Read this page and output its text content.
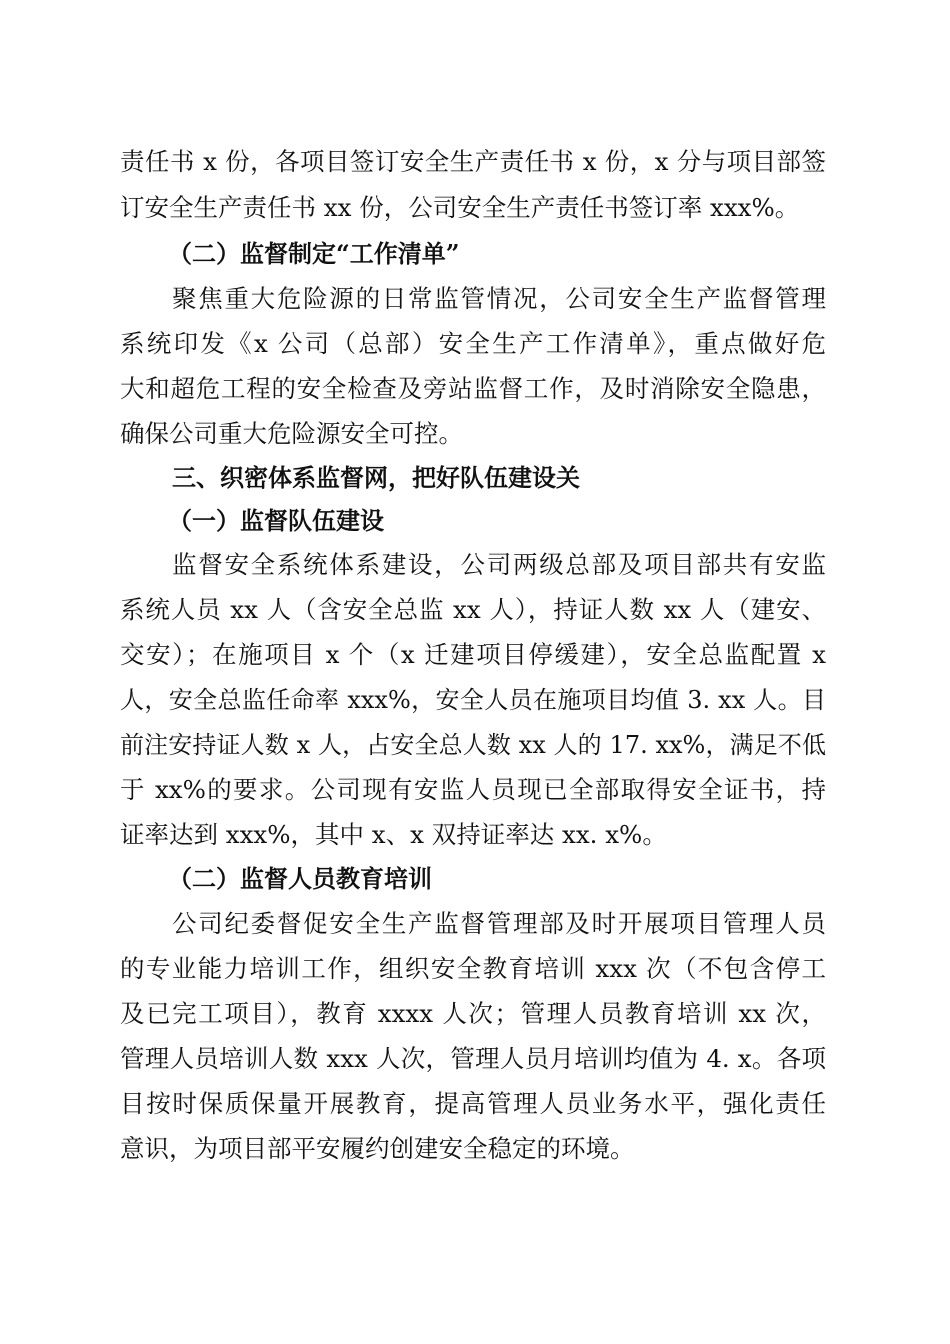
责任书 x 份，各项目签订安全生产责任书 x 份，x 分与项目部签
订安全生产责任书 xx 份，公司安全生产责任书签订率 xxx%。
（二）监督制定“工作清单”
聚焦重大危险源的日常监管情况，公司安全生产监督管理
系统印发《x 公司（总部）安全生产工作清单》，重点做好危
大和超危工程的安全检查及旁站监督工作，及时消除安全隐患，
确保公司重大危险源安全可控。
三、织密体系监督网，把好队伍建设关
（一）监督队伍建设
监督安全系统体系建设，公司两级总部及项目部共有安监
系统人员 xx 人（含安全总监 xx 人），持证人数 xx 人（建安、
交安）；在施项目 x 个（x 迁建项目停缓建），安全总监配置 x
人，安全总监任命率 xxx%，安全人员在施项目均值 3. xx 人。目
前注安持证人数 x 人，占安全总人数 xx 人的 17. xx%，满足不低
于 xx%的要求。公司现有安监人员现已全部取得安全证书，持
证率达到 xxx%，其中 x、x 双持证率达 xx. x%。
（二）监督人员教育培训
公司纪委督促安全生产监督管理部及时开展项目管理人员
的专业能力培训工作，组织安全教育培训 xxx 次（不包含停工
及已完工项目），教育 xxxx 人次；管理人员教育培训 xx 次，
管理人员培训人数 xxx 人次，管理人员月培训均值为 4. x。各项
目按时保质保量开展教育，提高管理人员业务水平，强化责任
意识，为项目部平安履约创建安全稳定的环境。
